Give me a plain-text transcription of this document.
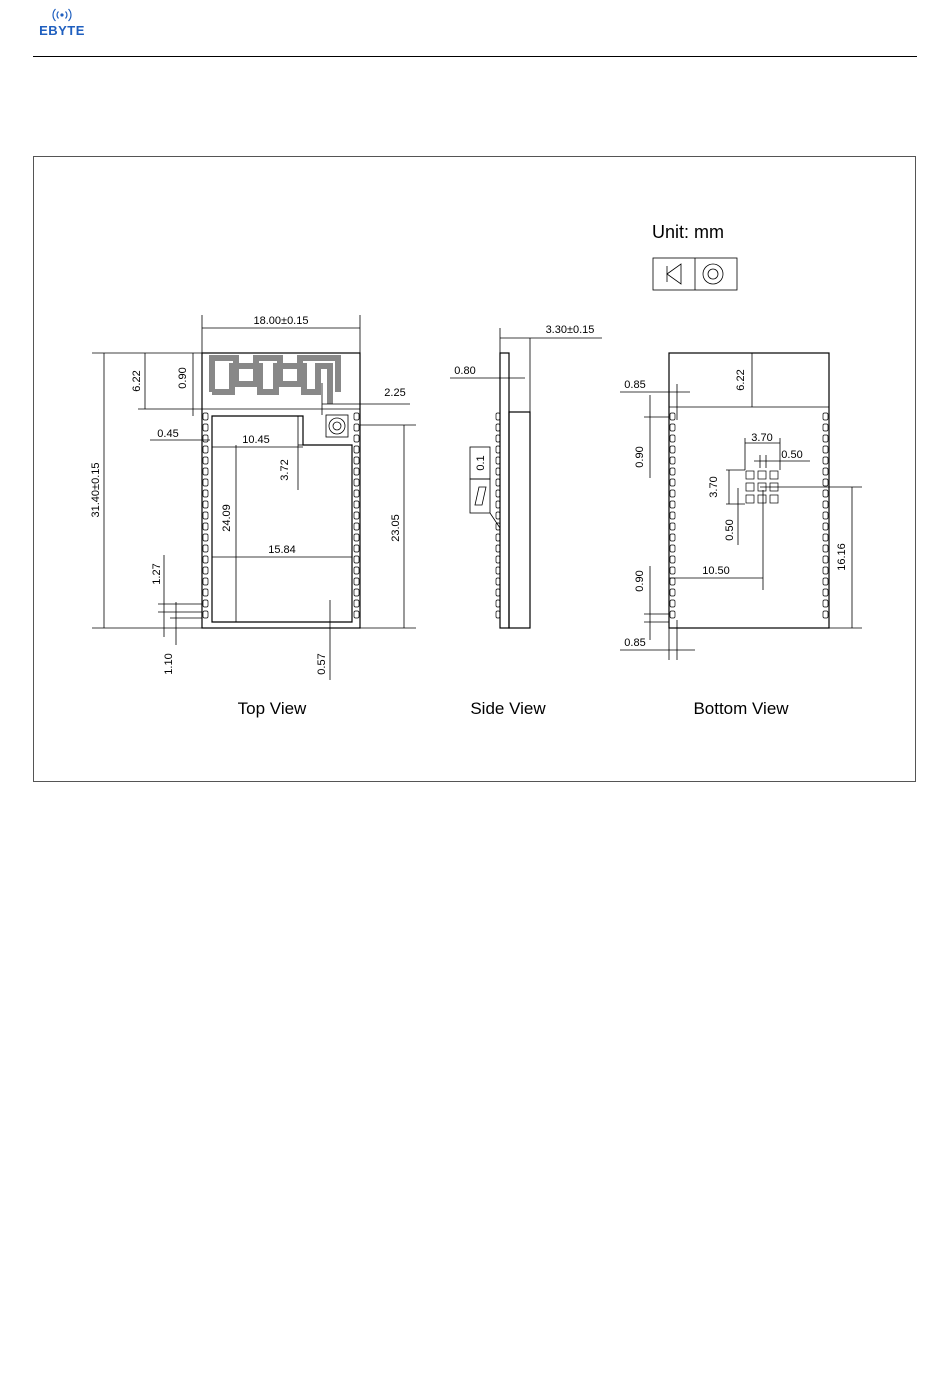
EBYTE
Unit: mm
18.00±0.15
31.40±0.15
6.22	0.90
2.25
0.45	10.45
3.72
24.09
15.84
1.27
1.10	0.57
23.05
Top View
3.30±0.15
0.80
0.1
Side View
6.22
0.85
0.90
3.70
0.50
3.70
0.50
16.16
10.50
0.90
0.85
Bottom View
